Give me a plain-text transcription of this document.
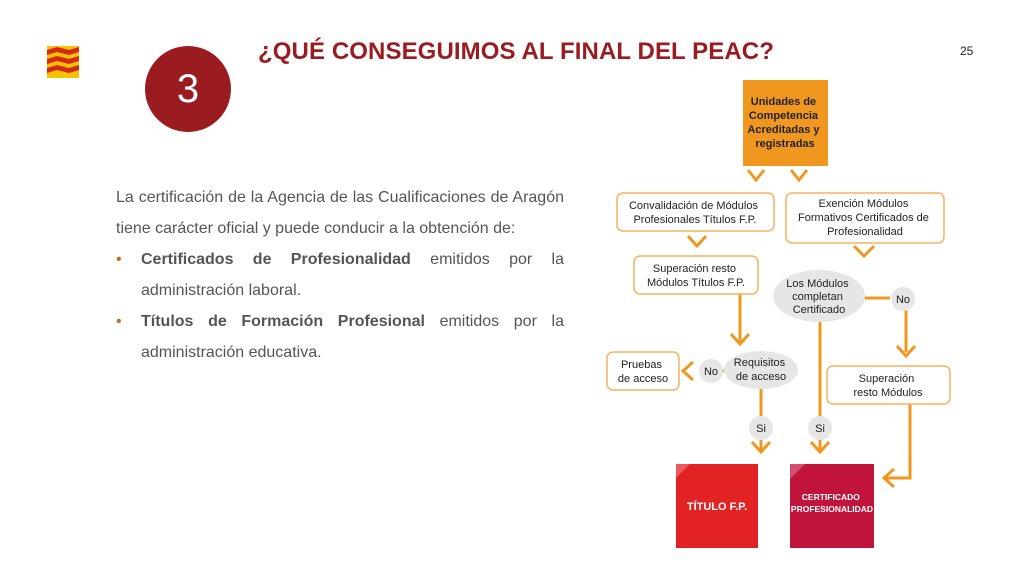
25
3
¿QUÉ CONSEGUIMOS AL FINAL DEL PEAC?

La certificación de la Agencia de las Cualificaciones de Aragón tiene carácter oficial y puede conducir a la obtención de:

• Certificados de Profesionalidad emitidos por la administración laboral.
• Títulos de Formación Profesional emitidos por la administración educativa.
Unidades de Competencia Acreditadas y registradas
Convalidación de Módulos Profesionales Títulos F.P.
Exención Módulos Formativos Certificados de Profesionalidad
Superación resto Módulos Títulos F.P.	Los Módulos completan Certificado
No
Pruebas de acceso
No
Requisitos de acceso	Superación resto Módulos
Si	Si
TÍTULO F.P.
CERTIFICADO PROFESIONALIDAD
